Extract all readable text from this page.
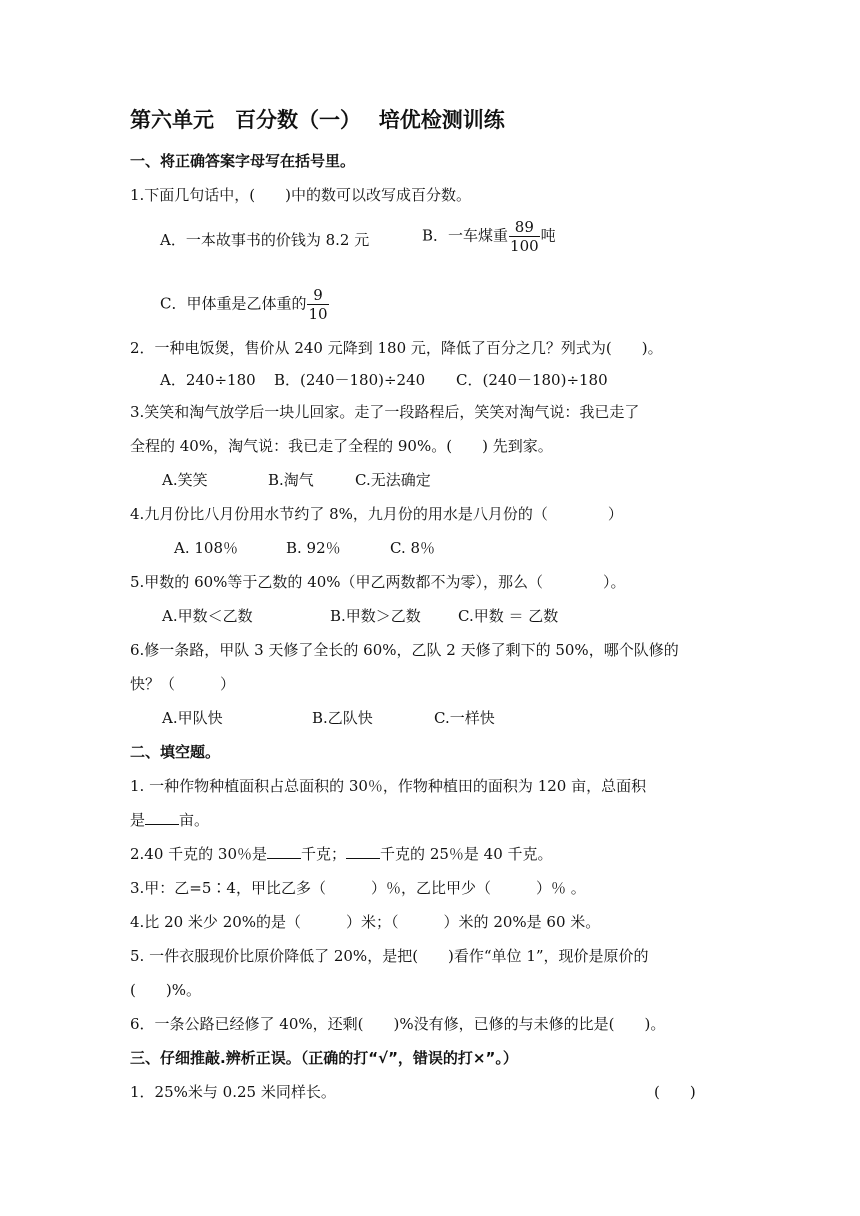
第六单元　百分数（一）　 培优检测训练
一、将正确答案字母写在括号里。
1.下面几句话中，(　　)中的数可以改写成百分数。
A．一本故事书的价钱为 8.2 元	B．一车煤重 $\frac{89}{100}$ 吨
C．甲体重是乙体重的 $\frac{9}{10}$
2．一种电饭煲，售价从 240 元降到 180 元，降低了百分之几？列式为(　　)。
A．240÷180 B．(240－180)÷240 C．(240－180)÷180
3.笑笑和淘气放学后一块儿回家。走了一段路程后，笑笑对淘气说：我已走了
全程的 40%，淘气说：我已走了全程的 90%。(　　) 先到家。
A.笑笑	B.淘气	C.无法确定
4.九月份比八月份用水节约了 8%，九月份的用水是八月份的（　　　　）
A. 108％	B. 92％	C. 8％
5.甲数的 60%等于乙数的 40%（甲乙两数都不为零），那么（　　　　）。
A.甲数＜乙数	B.甲数＞乙数 C.甲数 ＝ 乙数
6.修一条路，甲队 3 天修了全长的 60%，乙队 2 天修了剩下的 50%，哪个队修的
快？（　　　）
A.甲队快	B.乙队快	C.一样快
二、填空题。
1. 一种作物种植面积占总面积的 30％，作物种植田的面积为 120 亩，总面积
是 亩。
2.40 千克的 30％是 千克； 千克的 25％是 40 千克。
3.甲：乙=5∶4，甲比乙多（　　　）％，乙比甲少（　　　）％ 。
4.比 20 米少 20%的是（　　　）米；（　　　）米的 20%是 60 米。
5. 一件衣服现价比原价降低了 20%，是把(　　)看作“单位 1”，现价是原价的
(　　)%。
6．一条公路已经修了 40%，还剩(　　)%没有修，已修的与未修的比是(　　)。
三、仔细推敲.辨析正误。（正确的打“√”，错误的打×”。）
1．25%米与 0.25 米同样长。	(　　)
